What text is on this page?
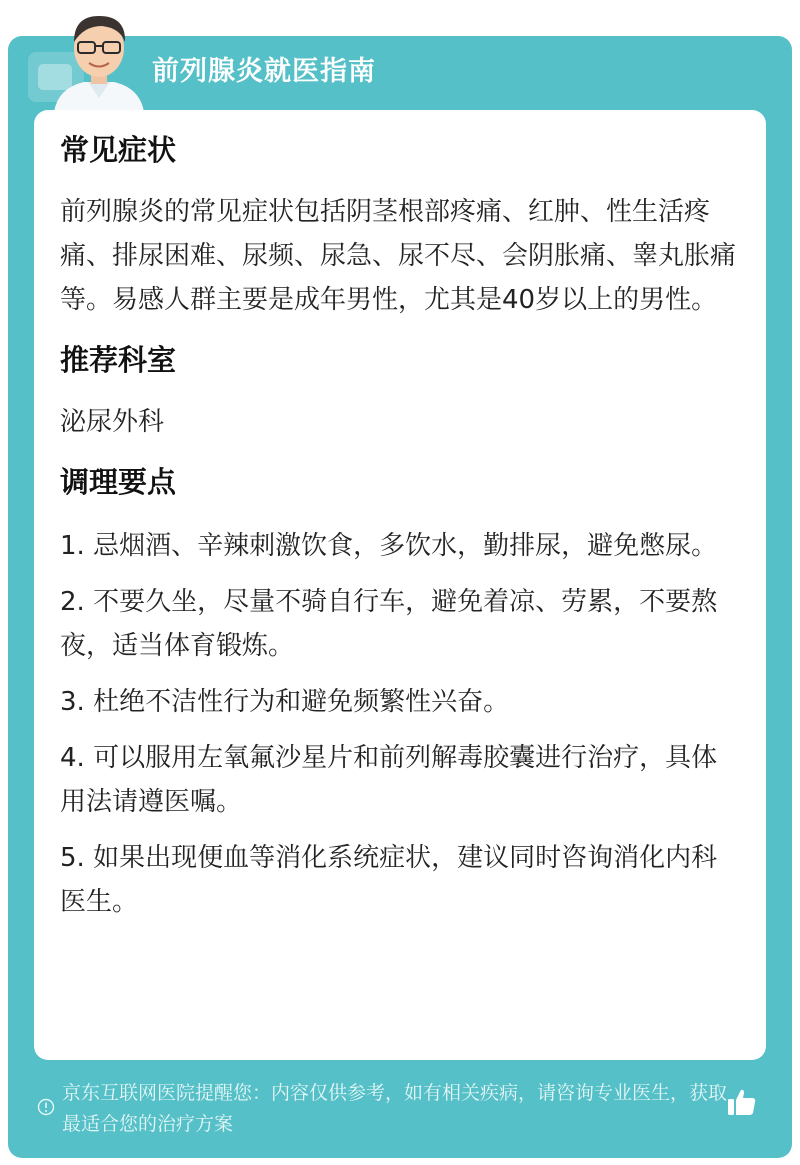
前列腺炎就医指南
常见症状

前列腺炎的常见症状包括阴茎根部疼痛、红肿、性生活疼痛、排尿困难、尿频、尿急、尿不尽、会阴胀痛、睾丸胀痛等。易感人群主要是成年男性，尤其是40岁以上的男性。

推荐科室

泌尿外科

调理要点

1. 忌烟酒、辛辣刺激饮食，多饮水，勤排尿，避免憋尿。

2. 不要久坐，尽量不骑自行车，避免着凉、劳累，不要熬夜，适当体育锻炼。

3. 杜绝不洁性行为和避免频繁性兴奋。

4. 可以服用左氧氟沙星片和前列解毒胶囊进行治疗，具体用法请遵医嘱。

5. 如果出现便血等消化系统症状，建议同时咨询消化内科医生。

京东互联网医院提醒您：内容仅供参考，如有相关疾病，请咨询专业医生，获取最适合您的治疗方案
